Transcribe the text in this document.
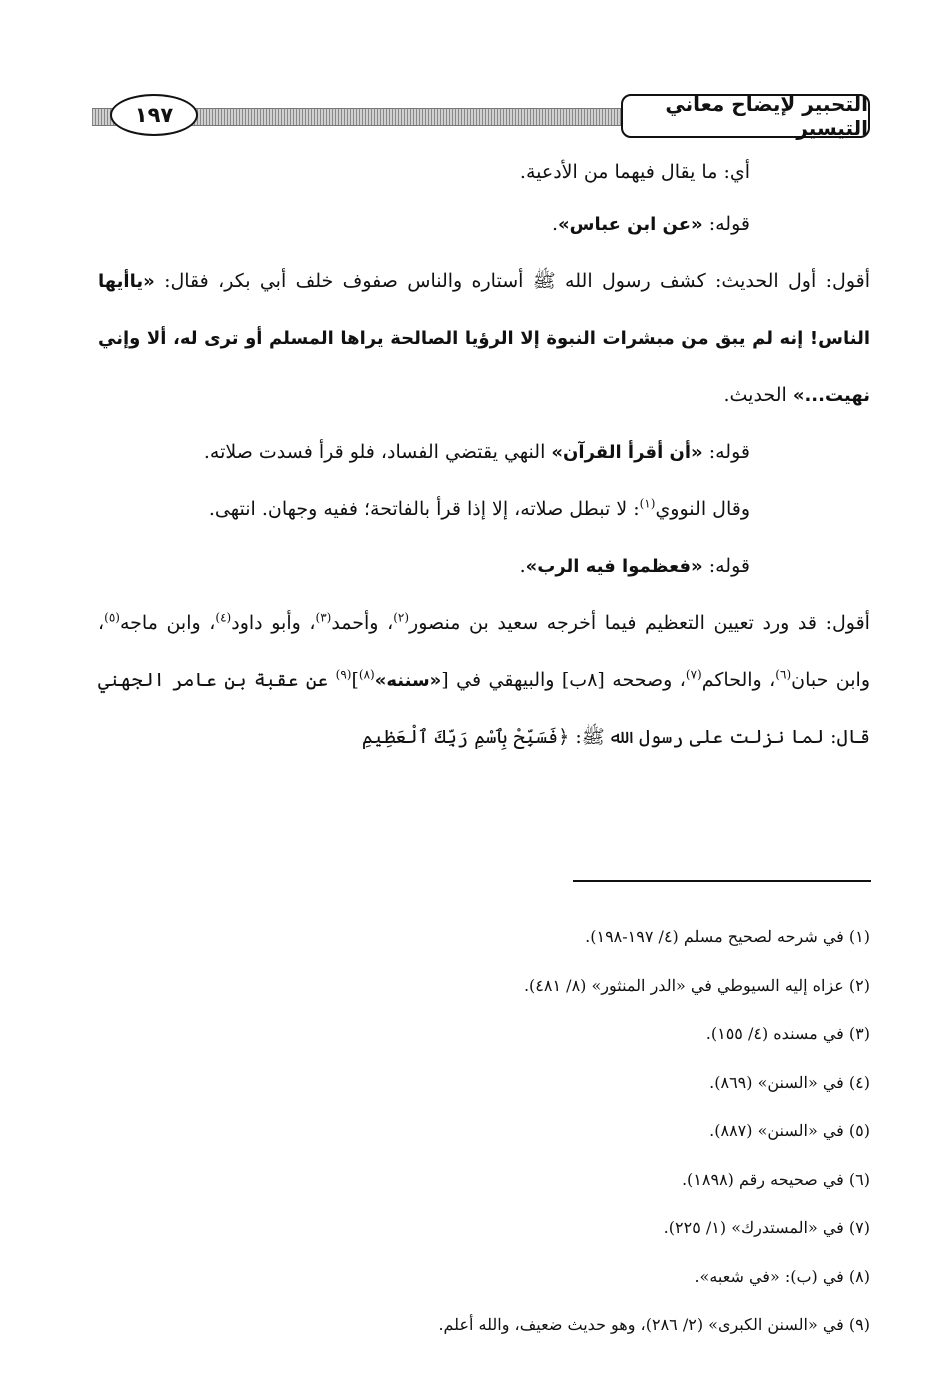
١٩٧	التحبير لإيضاح معاني التيسير

أي: ما يقال فيهما من الأدعية.

قوله: «عن ابن عباس».

أقول: أول الحديث: كشف رسول الله ﷺ أستاره والناس صفوف خلف أبي بكر، فقال: «ياأيها الناس! إنه لم يبق من مبشرات النبوة إلا الرؤيا الصالحة يراها المسلم أو ترى له، ألا وإني نهيت...» الحديث.

قوله: «أن أقرأ القرآن» النهي يقتضي الفساد، فلو قرأ فسدت صلاته.

وقال النووي$^{(١)}$: لا تبطل صلاته، إلا إذا قرأ بالفاتحة؛ ففيه وجهان. انتهى.

قوله: «فعظموا فيه الرب».

أقول: قد ورد تعيين التعظيم فيما أخرجه سعيد بن منصور$^{(٢)}$، وأحمد$^{(٣)}$، وأبو داود$^{(٤)}$، وابن ماجه$^{(٥)}$، وابن حبان$^{(٦)}$، والحاكم$^{(٧)}$، وصححه [٨ب] والبيهقي في [«سننه»$^{(٨)}$]$^{(٩)}$ عن عقبة بن عامر الجهني قال: لما نزلت على رسول الله ﷺ: ﴿فَسَبِّحْ بِٱسْمِ رَبِّكَ ٱلْعَظِيمِ

(١) في شرحه لصحيح مسلم (٤/ ١٩٧-١٩٨).
(٢) عزاه إليه السيوطي في «الدر المنثور» (٨/ ٤٨١).
(٣) في مسنده (٤/ ١٥٥).
(٤) في «السنن» (٨٦٩).
(٥) في «السنن» (٨٨٧).
(٦) في صحيحه رقم (١٨٩٨).
(٧) في «المستدرك» (١/ ٢٢٥).
(٨) في (ب): «في شعبه».
(٩) في «السنن الكبرى» (٢/ ٢٨٦)، وهو حديث ضعيف، والله أعلم.
